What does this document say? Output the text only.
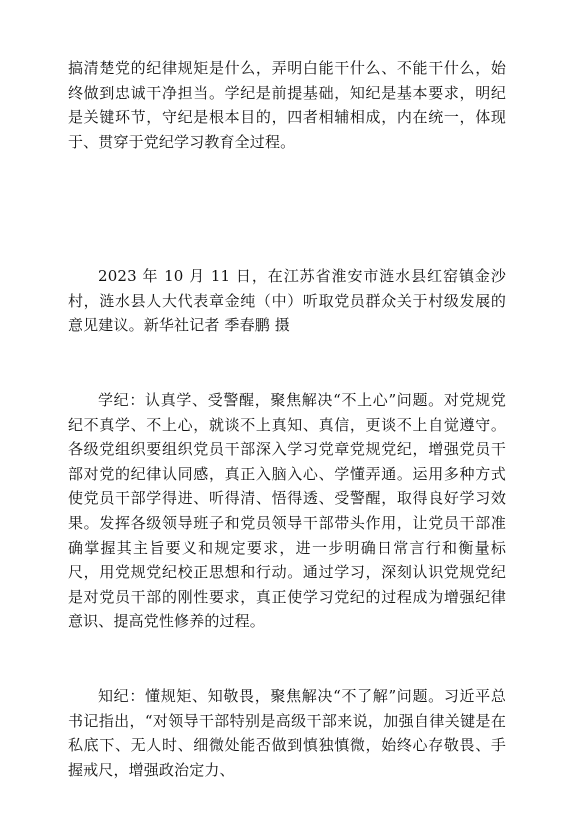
搞清楚党的纪律规矩是什么，弄明白能干什么、不能干什么，始终做到忠诚干净担当。学纪是前提基础，知纪是基本要求，明纪是关键环节，守纪是根本目的，四者相辅相成，内在统一，体现于、贯穿于党纪学习教育全过程。

2023 年 10 月 11 日，在江苏省淮安市涟水县红窑镇金沙村，涟水县人大代表章金纯（中）听取党员群众关于村级发展的意见建议。新华社记者 季春鹏 摄

学纪：认真学、受警醒，聚焦解决“不上心”问题。对党规党纪不真学、不上心，就谈不上真知、真信，更谈不上自觉遵守。各级党组织要组织党员干部深入学习党章党规党纪，增强党员干部对党的纪律认同感，真正入脑入心、学懂弄通。运用多种方式使党员干部学得进、听得清、悟得透、受警醒，取得良好学习效果。发挥各级领导班子和党员领导干部带头作用，让党员干部准确掌握其主旨要义和规定要求，进一步明确日常言行和衡量标尺，用党规党纪校正思想和行动。通过学习，深刻认识党规党纪是对党员干部的刚性要求，真正使学习党纪的过程成为增强纪律意识、提高党性修养的过程。

知纪：懂规矩、知敬畏，聚焦解决“不了解”问题。习近平总书记指出，“对领导干部特别是高级干部来说，加强自律关键是在私底下、无人时、细微处能否做到慎独慎微，始终心存敬畏、手握戒尺，增强政治定力、
